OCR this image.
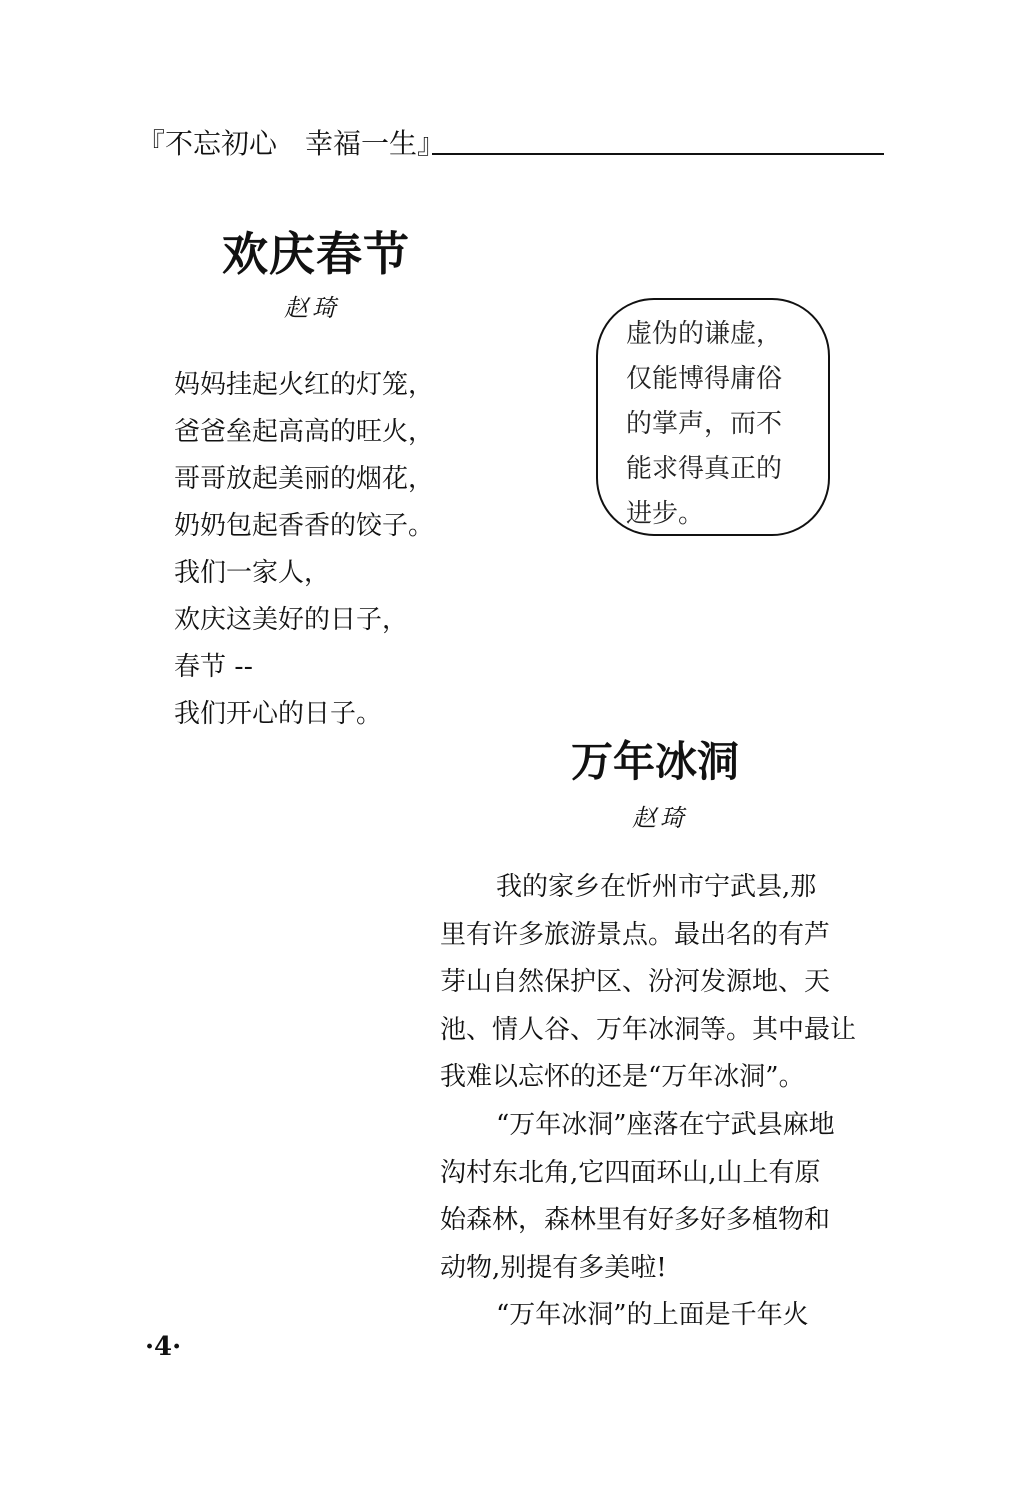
『不忘初心　幸福一生』
欢庆春节
赵琦
妈妈挂起火红的灯笼，
爸爸垒起高高的旺火，
哥哥放起美丽的烟花，
奶奶包起香香的饺子。
我们一家人，
欢庆这美好的日子，
春节 --
我们开心的日子。
虚伪的谦虚，
仅能博得庸俗
的掌声，而不
能求得真正的
进步。
万年冰洞
赵琦
我的家乡在忻州市宁武县,那
里有许多旅游景点。最出名的有芦
芽山自然保护区、汾河发源地、天
池、情人谷、万年冰洞等。其中最让
我难以忘怀的还是“万年冰洞”。
“万年冰洞”座落在宁武县麻地
沟村东北角,它四面环山,山上有原
始森林，森林里有好多好多植物和
动物,别提有多美啦!
“万年冰洞”的上面是千年火
·4·
